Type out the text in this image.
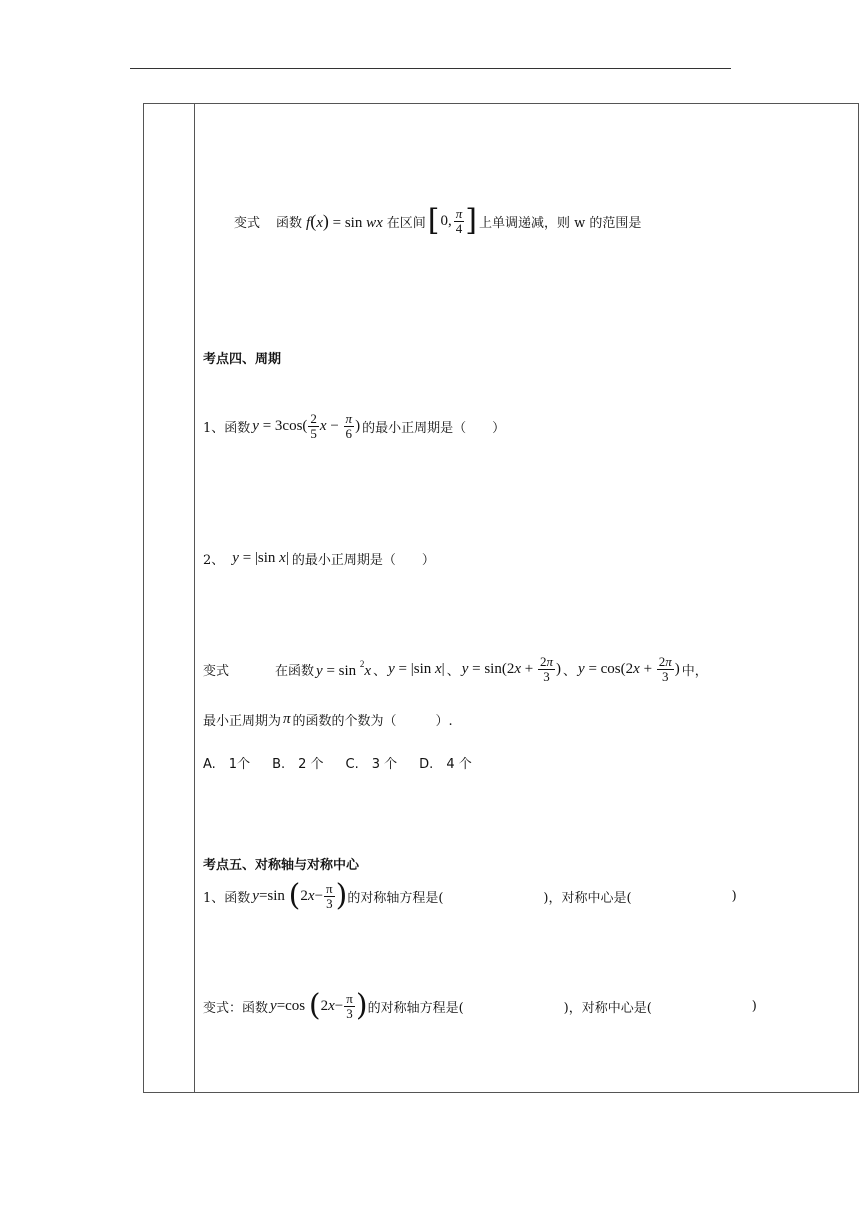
变式 函数 f(x) = sin wx 在区间 [ 0, $\frac{\pi}{4}$ ] 上单调递减，则 w 的范围是
考点四、周期
1、函数 $y = 3\cos( \frac{2}{5}$ $x - \frac{\pi}{6}$ ) 的最小正周期是（　　）
2、 y = |sin x| 的最小正周期是（　　）
变式	在函数 y = sin $^2$x 、 y = |sin x| 、 y = sin(2 $x + \frac{2\pi}{3}$ ) 、 y = cos(2 $x + \frac{2\pi}{3}$ ) 中，
最小正周期为 π 的函数的个数为（　　　）.
A.　1个 B.　2 个 C.　3 个 D.　4 个
考点五、对称轴与对称中心
1、函数 y =sin ( 2 $x - \frac{\pi}{3}$ ) 的对称轴方程是(	)，对称中心是(	)
变式：函数 y =cos ( 2 $x - \frac{\pi}{3}$ ) 的对称轴方程是(	)，对称中心是(	)
